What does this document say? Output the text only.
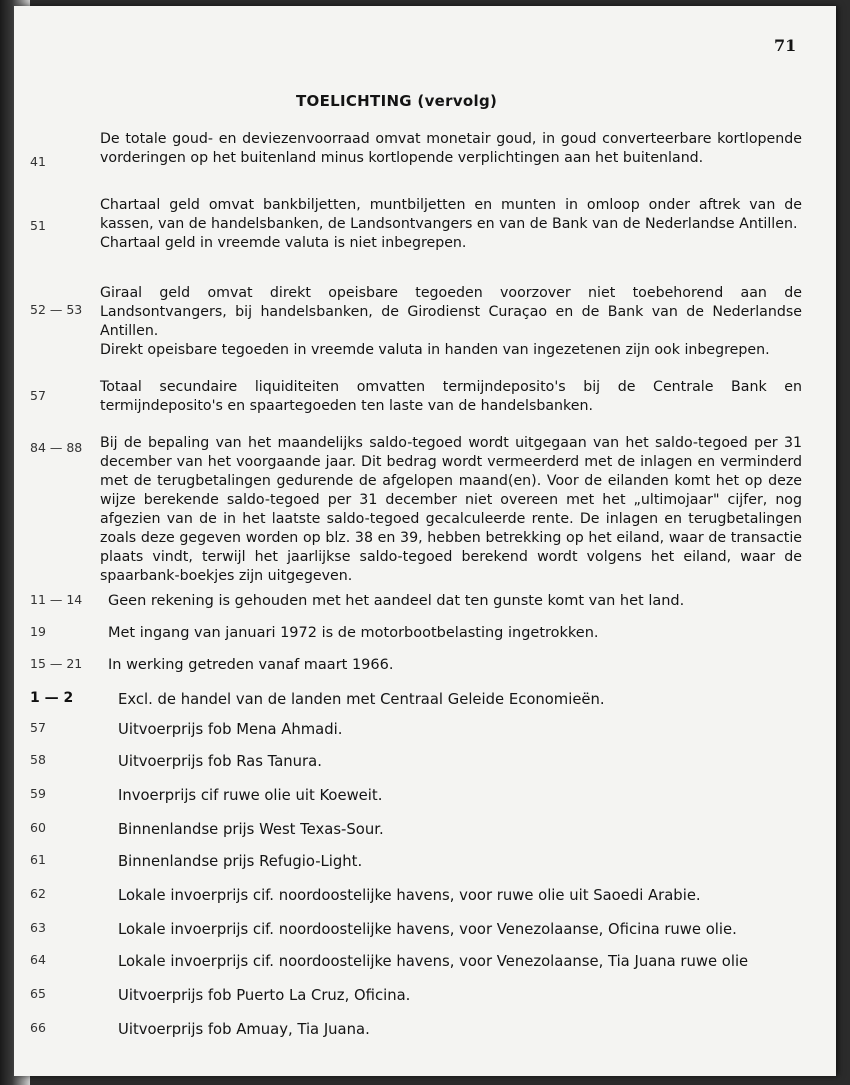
71
TOELICHTING (vervolg)
41

De totale goud- en deviezenvoorraad omvat monetair goud, in goud converteerbare kortlopende vorderingen op het buitenland minus kortlopende verplichtingen aan het buitenland.

51

Chartaal geld omvat bankbiljetten, muntbiljetten en munten in omloop onder aftrek van de kassen, van de handelsbanken, de Landsontvangers en van de Bank van de Nederlandse Antillen.

Chartaal geld in vreemde valuta is niet inbegrepen.

52 — 53

Giraal geld omvat direkt opeisbare tegoeden voorzover niet toebehorend aan de Landsontvangers, bij handelsbanken, de Girodienst Curaçao en de Bank van de Nederlandse Antillen.

Direkt opeisbare tegoeden in vreemde valuta in handen van ingezetenen zijn ook inbegrepen.

57

Totaal secundaire liquiditeiten omvatten termijndeposito's bij de Centrale Bank en termijndeposito's en spaartegoeden ten laste van de handelsbanken.

84 — 88 Bij de bepaling van het maandelijks saldo-tegoed wordt uitgegaan van het saldo-tegoed per 31 december van het voorgaande jaar. Dit bedrag wordt vermeerderd met de inlagen en verminderd met de terugbetalingen gedurende de afgelopen maand(en). Voor de eilanden komt het op deze wijze berekende saldo-tegoed per 31 december niet overeen met het „ultimojaar" cijfer, nog afgezien van de in het laatste saldo-tegoed gecalculeerde rente. De inlagen en terugbetalingen zoals deze gegeven worden op blz. 38 en 39, hebben betrekking op het eiland, waar de transactie plaats vindt, terwijl het jaarlijkse saldo-tegoed berekend wordt volgens het eiland, waar de spaarbank-boekjes zijn uitgegeven.

11 — 14 Geen rekening is gehouden met het aandeel dat ten gunste komt van het land.

19	Met ingang van januari 1972 is de motorbootbelasting ingetrokken.

15 — 21 In werking getreden vanaf maart 1966.

1 — 2	Excl. de handel van de landen met Centraal Geleide Economieën.

57	Uitvoerprijs fob Mena Ahmadi.

58	Uitvoerprijs fob Ras Tanura.

59	Invoerprijs cif ruwe olie uit Koeweit.

60	Binnenlandse prijs West Texas-Sour.

61	Binnenlandse prijs Refugio-Light.

62	Lokale invoerprijs cif. noordoostelijke havens, voor ruwe olie uit Saoedi Arabie.

63	Lokale invoerprijs cif. noordoostelijke havens, voor Venezolaanse, Oficina ruwe olie.

64	Lokale invoerprijs cif. noordoostelijke havens, voor Venezolaanse, Tia Juana ruwe olie

65	Uitvoerprijs fob Puerto La Cruz, Oficina.

66	Uitvoerprijs fob Amuay, Tia Juana.
